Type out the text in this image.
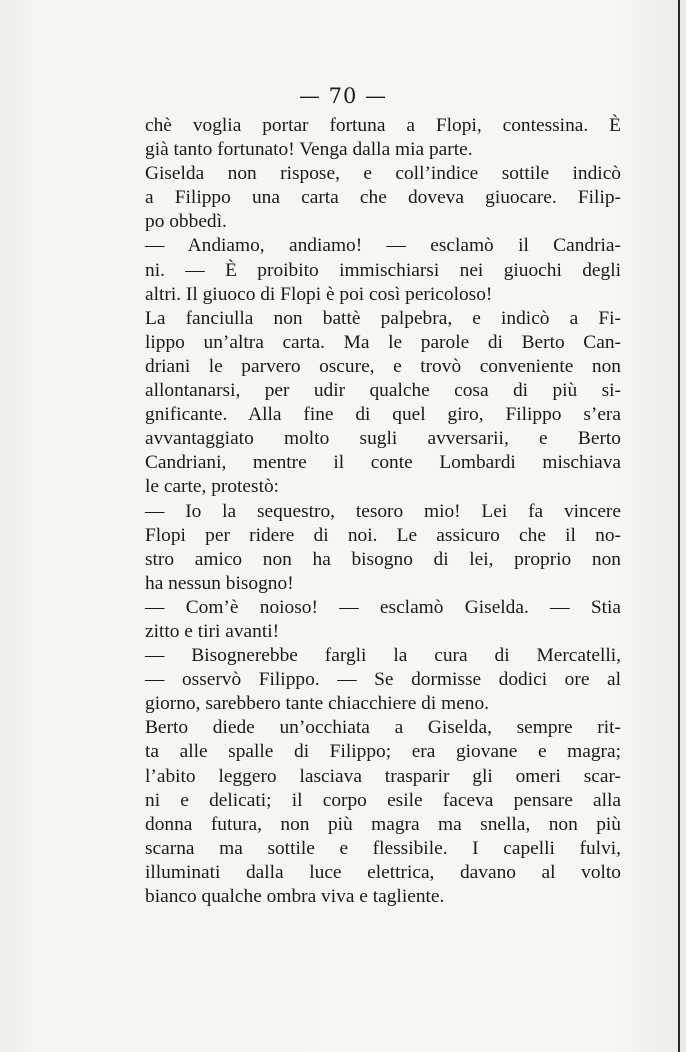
— 70 —
chè voglia portar fortuna a Flopi, contessina. È
già tanto fortunato! Venga dalla mia parte.
Giselda non rispose, e coll’indice sottile indicò
a Filippo una carta che doveva giuocare. Filip-
po obbedì.
— Andiamo, andiamo! — esclamò il Candria-
ni. — È proibito immischiarsi nei giuochi degli
altri. Il giuoco di Flopi è poi così pericoloso!
La fanciulla non battè palpebra, e indicò a Fi-
lippo un’altra carta. Ma le parole di Berto Can-
driani le parvero oscure, e trovò conveniente non
allontanarsi, per udir qualche cosa di più si-
gnificante. Alla fine di quel giro, Filippo s’era
avvantaggiato molto sugli avversarii, e Berto
Candriani, mentre il conte Lombardi mischiava
le carte, protestò:
— Io la sequestro, tesoro mio! Lei fa vincere
Flopi per ridere di noi. Le assicuro che il no-
stro amico non ha bisogno di lei, proprio non
ha nessun bisogno!
— Com’è noioso! — esclamò Giselda. — Stia
zitto e tiri avanti!
— Bisognerebbe fargli la cura di Mercatelli,
— osservò Filippo. — Se dormisse dodici ore al
giorno, sarebbero tante chiacchiere di meno.
Berto diede un’occhiata a Giselda, sempre rit-
ta alle spalle di Filippo; era giovane e magra;
l’abito leggero lasciava trasparir gli omeri scar-
ni e delicati; il corpo esile faceva pensare alla
donna futura, non più magra ma snella, non più
scarna ma sottile e flessibile. I capelli fulvi,
illuminati dalla luce elettrica, davano al volto
bianco qualche ombra viva e tagliente.
